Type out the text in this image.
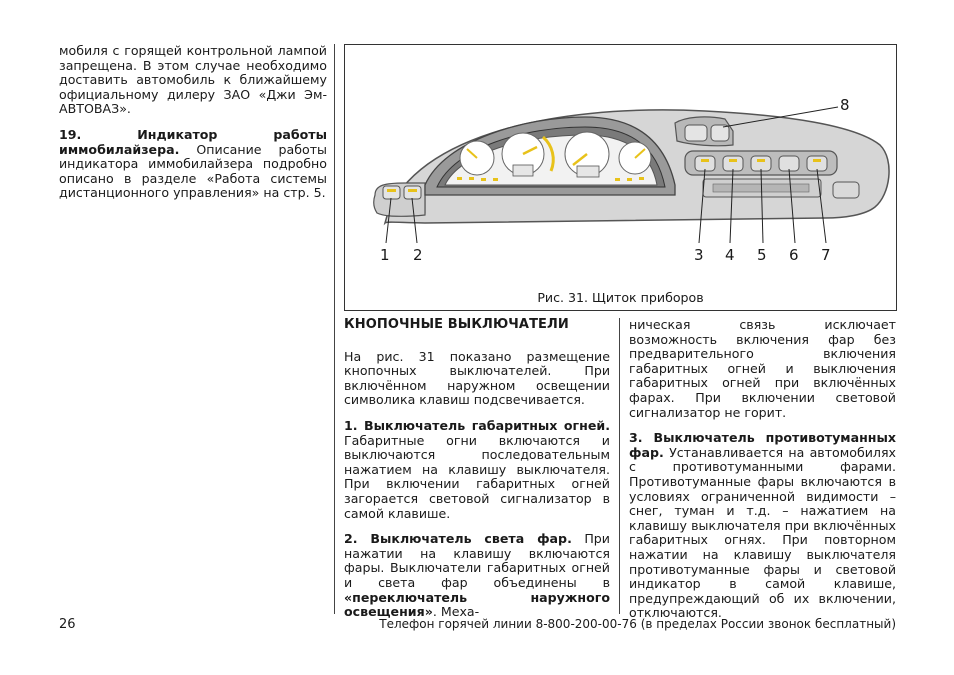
мобиля с горящей контрольной лампой запрещена. В этом случае необходимо доставить автомобиль к ближайшему официальному дилеру ЗАО «Джи Эм-АВТОВАЗ».

19. Индикатор работы иммобилайзера. Описание работы индикатора иммобилайзера подробно описано в разделе «Работа системы дистанционного управления» на стр. 5.

1 2	3 4 5 6 7
8
Рис. 31. Щиток приборов
КНОПОЧНЫЕ ВЫКЛЮЧАТЕЛИ

На рис. 31 показано размещение кнопочных выключателей. При включённом наружном освещении символика клавиш подсвечивается.

1. Выключатель габаритных огней. Габаритные огни включаются и выключаются последовательным нажатием на клавишу выключателя. При включении габаритных огней загорается световой сигнализатор в самой клавише.

2. Выключатель света фар. При нажатии на клавишу включаются фары. Выключатели габаритных огней и света фар объединены в «переключатель наружного освещения». Меха-

ническая связь исключает возможность включения фар без предварительного включения габаритных огней и выключения габаритных огней при включённых фарах. При включении световой сигнализатор не горит.

3. Выключатель противотуманных фар. Устанавливается на автомобилях с противотуманными фарами. Противотуманные фары включаются в условиях ограниченной видимости – снег, туман и т.д. – нажатием на клавишу выключателя при включённых габаритных огнях. При повторном нажатии на клавишу выключателя противотуманные фары и световой индикатор в самой клавише, предупреждающий об их включении, отключаются.

26	Телефон горячей линии 8-800-200-00-76 (в пределах России звонок бесплатный)
